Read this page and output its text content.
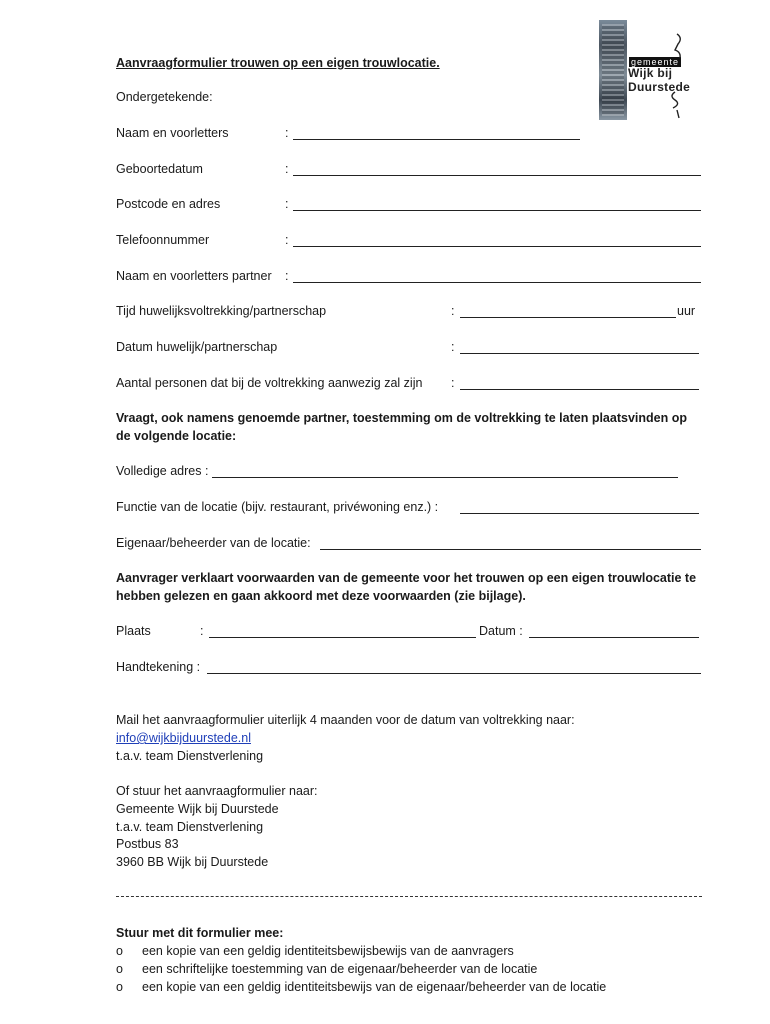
gemeente
Wijk bij Duurstede
Aanvraagformulier trouwen op een eigen trouwlocatie.
Ondergetekende:
Naam en voorletters	:
Geboortedatum	:
Postcode en adres	:
Telefoonnummer	:
Naam en voorletters partner :
Tijd huwelijksvoltrekking/partnerschap	:	uur
Datum huwelijk/partnerschap	:
Aantal personen dat bij de voltrekking aanwezig zal zijn :
Vraagt, ook namens genoemde partner, toestemming om de voltrekking te laten plaatsvinden op
de volgende locatie:
Volledige adres :
Functie van de locatie (bijv. restaurant, privéwoning enz.) :
Eigenaar/beheerder van de locatie:
Aanvrager verklaart voorwaarden van de gemeente voor het trouwen op een eigen trouwlocatie te
hebben gelezen en gaan akkoord met deze voorwaarden (zie bijlage).
Plaats	:	Datum :
Handtekening :
Mail het aanvraagformulier uiterlijk 4 maanden voor de datum van voltrekking naar:
info@wijkbijduurstede.nl
t.a.v. team Dienstverlening
Of stuur het aanvraagformulier naar:
Gemeente Wijk bij Duurstede
t.a.v. team Dienstverlening
Postbus 83
3960 BB Wijk bij Duurstede
Stuur met dit formulier mee:
o een kopie van een geldig identiteitsbewijsbewijs van de aanvragers
o een schriftelijke toestemming van de eigenaar/beheerder van de locatie
o een kopie van een geldig identiteitsbewijs van de eigenaar/beheerder van de locatie
